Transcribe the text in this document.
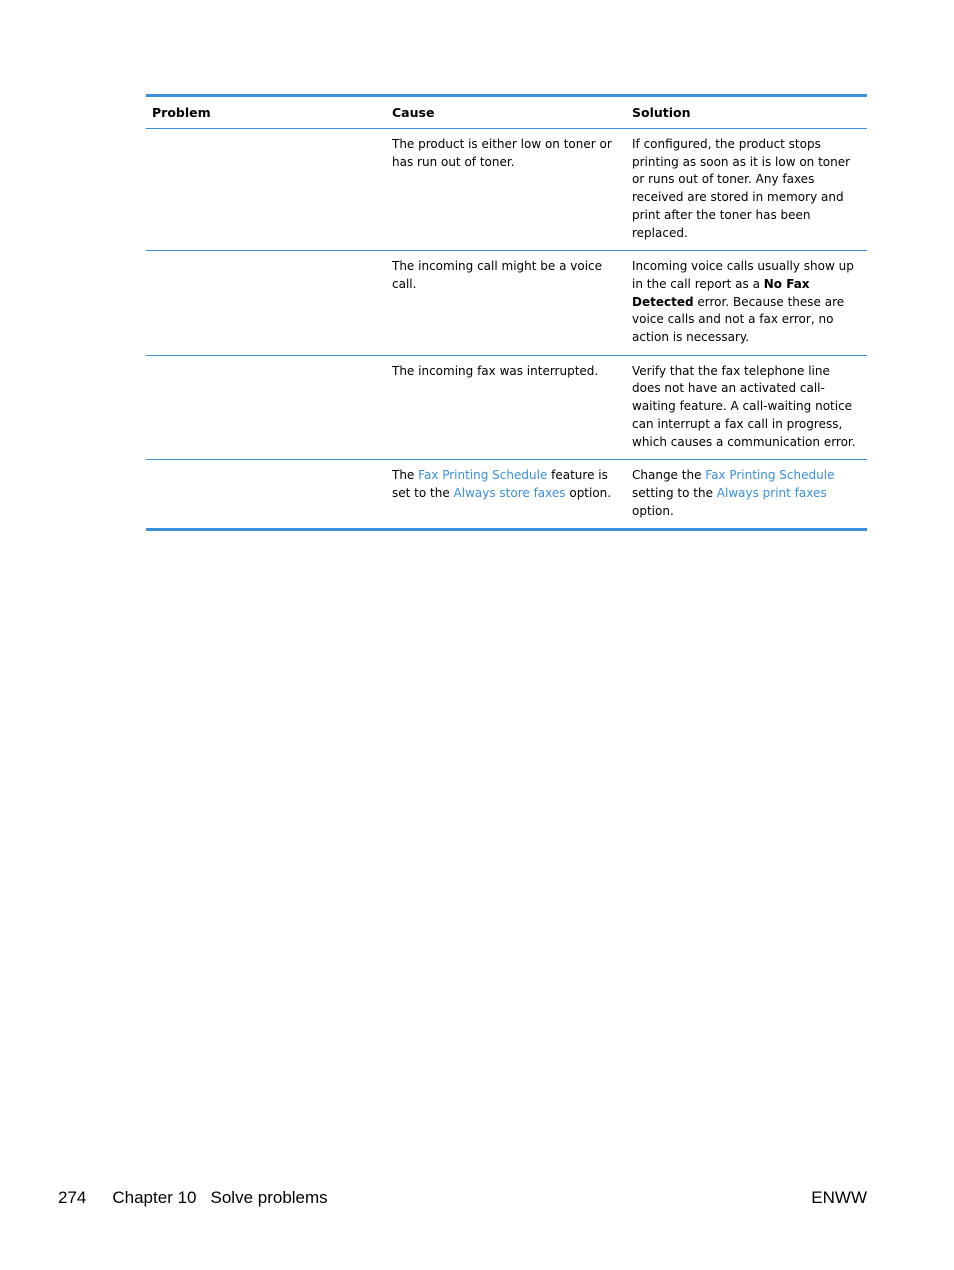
Problem	Cause	Solution
	The product is either low on toner or has run out of toner.	If configured, the product stops printing as soon as it is low on toner or runs out of toner. Any faxes received are stored in memory and print after the toner has been replaced.
	The incoming call might be a voice call.	Incoming voice calls usually show up in the call report as a No Fax Detected error. Because these are voice calls and not a fax error, no action is necessary.
	The incoming fax was interrupted.	Verify that the fax telephone line does not have an activated call-waiting feature. A call-waiting notice can interrupt a fax call in progress, which causes a communication error.
	The Fax Printing Schedule feature is set to the Always store faxes option.	Change the Fax Printing Schedule setting to the Always print faxes option.
274 Chapter 10 Solve problems	ENWW
